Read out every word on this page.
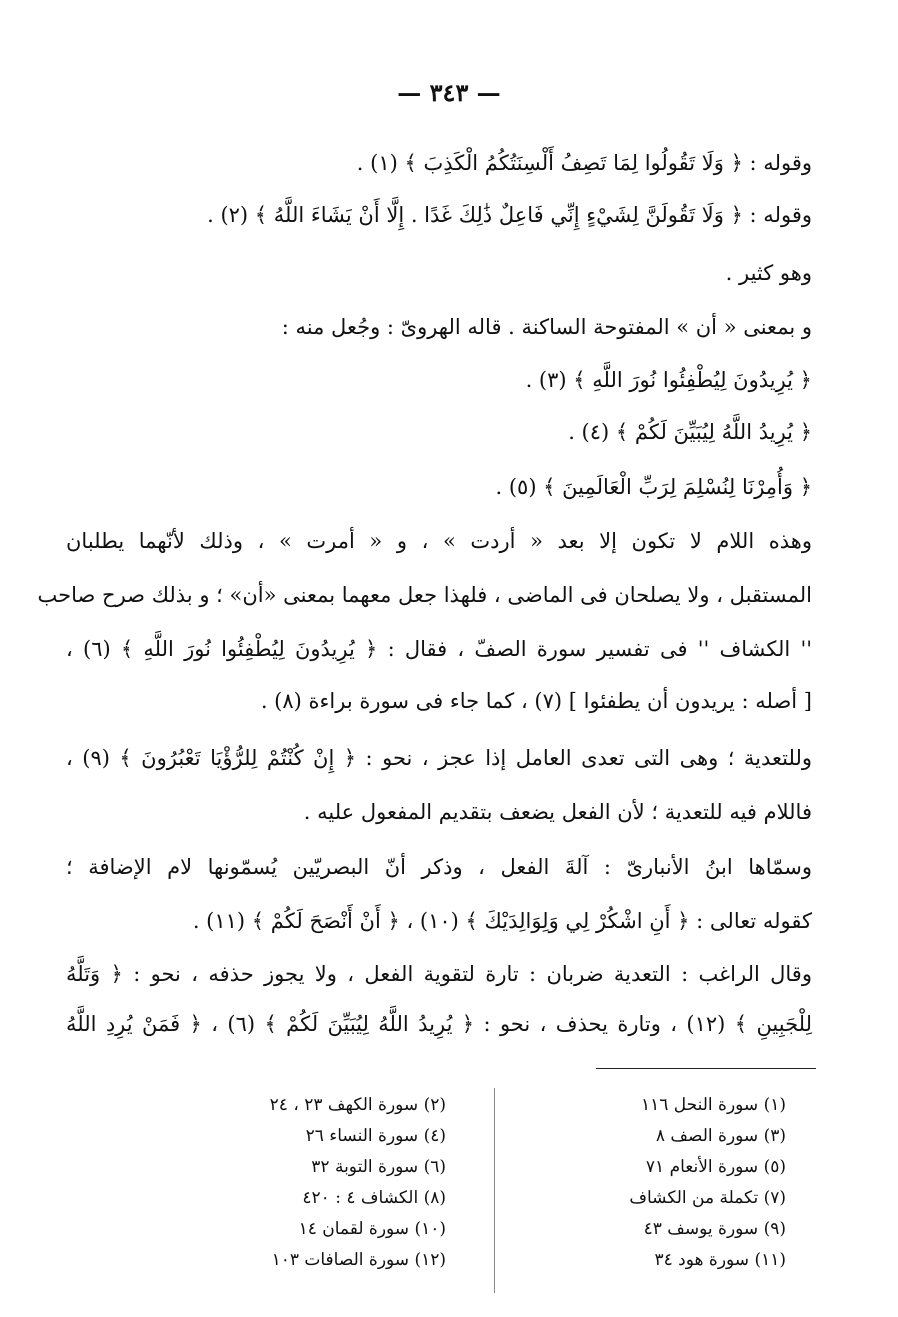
— ٣٤٣ —
وقوله : ﴿ وَلَا تَقُولُوا لِمَا تَصِفُ أَلْسِنَتُكُمُ الْكَذِبَ ﴾ (١) .
وقوله : ﴿ وَلَا تَقُولَنَّ لِشَيْءٍ إِنِّي فَاعِلٌ ذَٰلِكَ غَدًا . إِلَّا أَنْ يَشَاءَ اللَّهُ ﴾ (٢) .
وهو كثير .
و بمعنى « أن » المفتوحة الساكنة . قاله الهروىّ : وجُعل منه :
﴿ يُرِيدُونَ لِيُطْفِئُوا نُورَ اللَّهِ ﴾ (٣) .
﴿ يُرِيدُ اللَّهُ لِيُبَيِّنَ لَكُمْ ﴾ (٤) .
﴿ وَأُمِرْنَا لِنُسْلِمَ لِرَبِّ الْعَالَمِينَ ﴾ (٥) .
وهذه اللام لا تكون إلا بعد « أردت » ، و « أمرت » ، وذلك لأنّهما يطلبان
المستقبل ، ولا يصلحان فى الماضى ، فلهذا جعل معهما بمعنى «أن» ؛ و بذلك صرح صاحب
'' الكشاف '' فى تفسير سورة الصفّ ، فقال : ﴿ يُرِيدُونَ لِيُطْفِئُوا نُورَ اللَّهِ ﴾ (٦) ،
[ أصله : يريدون أن يطفئوا ] (٧) ، كما جاء فى سورة براءة (٨) .
وللتعدية ؛ وهى التى تعدى العامل إذا عجز ، نحو : ﴿ إِنْ كُنْتُمْ لِلرُّؤْيَا تَعْبُرُونَ ﴾ (٩) ،
فاللام فيه للتعدية ؛ لأن الفعل يضعف بتقديم المفعول عليه .
وسمّاها ابنُ الأنبارىّ : آلةَ الفعل ، وذكر أنّ البصريّين يُسمّونها لام الإضافة ؛
كقوله تعالى : ﴿ أَنِ اشْكُرْ لِي وَلِوَالِدَيْكَ ﴾ (١٠) ، ﴿ أَنْ أَنْصَحَ لَكُمْ ﴾ (١١) .
وقال الراغب : التعدية ضربان : تارة لتقوية الفعل ، ولا يجوز حذفه ، نحو : ﴿ وَتَلَّهُ
لِلْجَبِينِ ﴾ (١٢) ، وتارة يحذف ، نحو : ﴿ يُرِيدُ اللَّهُ لِيُبَيِّنَ لَكُمْ ﴾ (٦) ، ﴿ فَمَنْ يُرِدِ اللَّهُ
(١) سورة النحل ١١٦
(٣) سورة الصف ٨
(٥) سورة الأنعام ٧١
(٧) تكملة من الكشاف
(٩) سورة يوسف ٤٣
(١١) سورة هود ٣٤
(٢) سورة الكهف ٢٣ ، ٢٤
(٤) سورة النساء ٢٦
(٦) سورة التوبة ٣٢
(٨) الكشاف ٤ : ٤٢٠
(١٠) سورة لقمان ١٤
(١٢) سورة الصافات ١٠٣
